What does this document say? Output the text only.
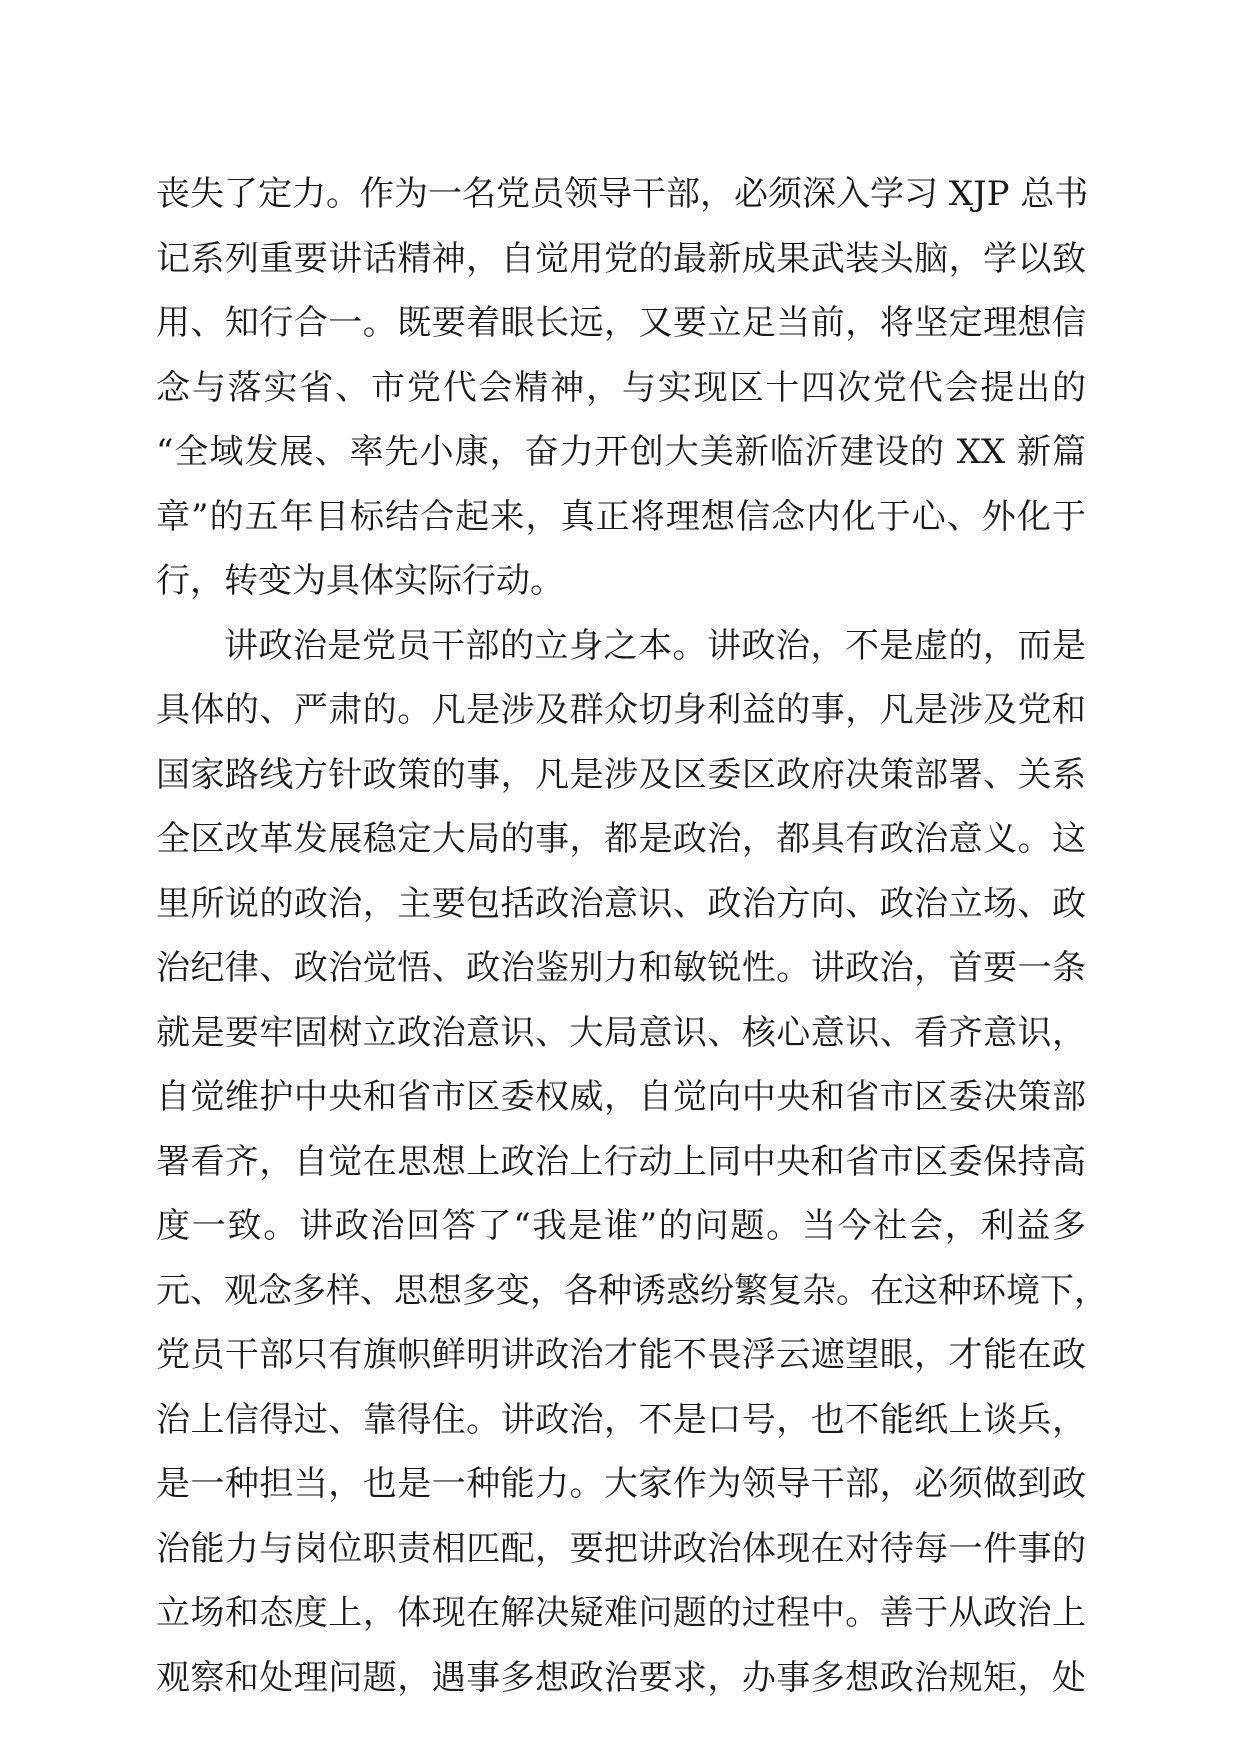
丧失了定力。作为一名党员领导干部，必须深入学习 XJP 总书
记系列重要讲话精神，自觉用党的最新成果武装头脑，学以致
用、知行合一。既要着眼长远，又要立足当前，将坚定理想信
念与落实省、市党代会精神，与实现区十四次党代会提出的
“全域发展、率先小康，奋力开创大美新临沂建设的 XX 新篇
章”的五年目标结合起来，真正将理想信念内化于心、外化于
行，转变为具体实际行动。
讲政治是党员干部的立身之本。讲政治，不是虚的，而是
具体的、严肃的。凡是涉及群众切身利益的事，凡是涉及党和
国家路线方针政策的事，凡是涉及区委区政府决策部署、关系
全区改革发展稳定大局的事，都是政治，都具有政治意义。这
里所说的政治，主要包括政治意识、政治方向、政治立场、政
治纪律、政治觉悟、政治鉴别力和敏锐性。讲政治，首要一条
就是要牢固树立政治意识、大局意识、核心意识、看齐意识，
自觉维护中央和省市区委权威，自觉向中央和省市区委决策部
署看齐，自觉在思想上政治上行动上同中央和省市区委保持高
度一致。讲政治回答了“我是谁”的问题。当今社会，利益多
元、观念多样、思想多变，各种诱惑纷繁复杂。在这种环境下，
党员干部只有旗帜鲜明讲政治才能不畏浮云遮望眼，才能在政
治上信得过、靠得住。讲政治，不是口号，也不能纸上谈兵，
是一种担当，也是一种能力。大家作为领导干部，必须做到政
治能力与岗位职责相匹配，要把讲政治体现在对待每一件事的
立场和态度上，体现在解决疑难问题的过程中。善于从政治上
观察和处理问题，遇事多想政治要求，办事多想政治规矩，处
